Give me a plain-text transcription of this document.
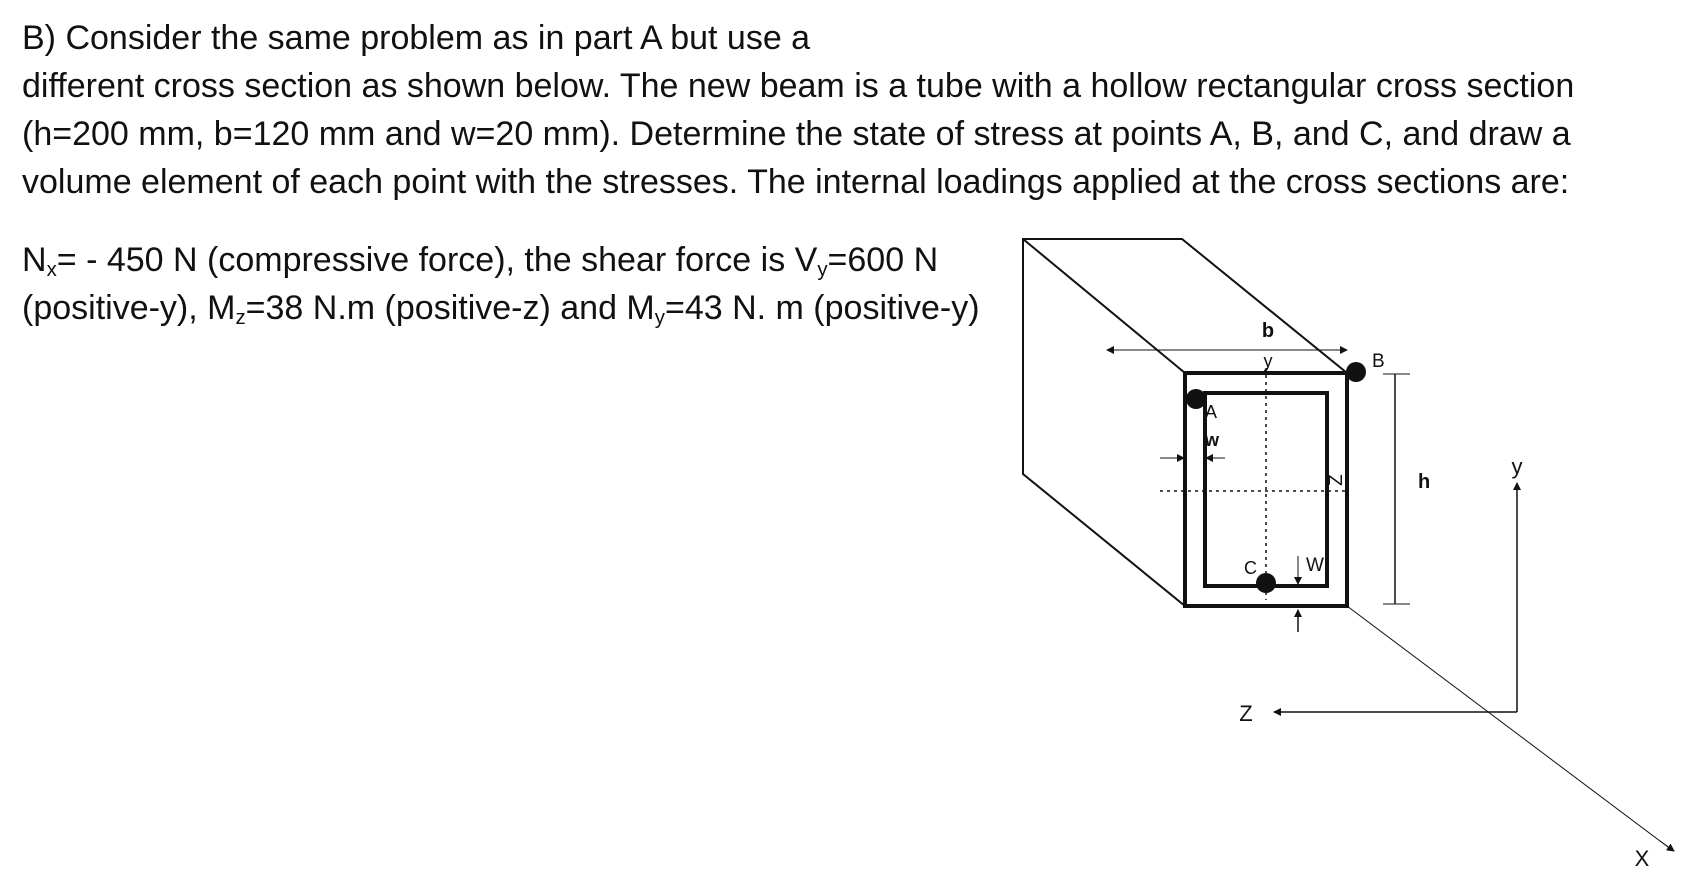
B) Consider the same problem as in part A but use a
different cross section as shown below. The new beam is a tube with a hollow rectangular cross section
(h=200 mm, b=120 mm and w=20 mm). Determine the state of stress at points A, B, and C, and draw a
volume element of each point with the stresses. The internal loadings applied at the cross sections are:
$N_x= - 450$ N (compressive force), the shear force is $V_y=600$ N
(positive-y), $M_z=38$ N.m (positive-z) and $M_y=43$ N. m (positive-y)
b
y
h
B
A
C
w
W
Z
y
Z
X
